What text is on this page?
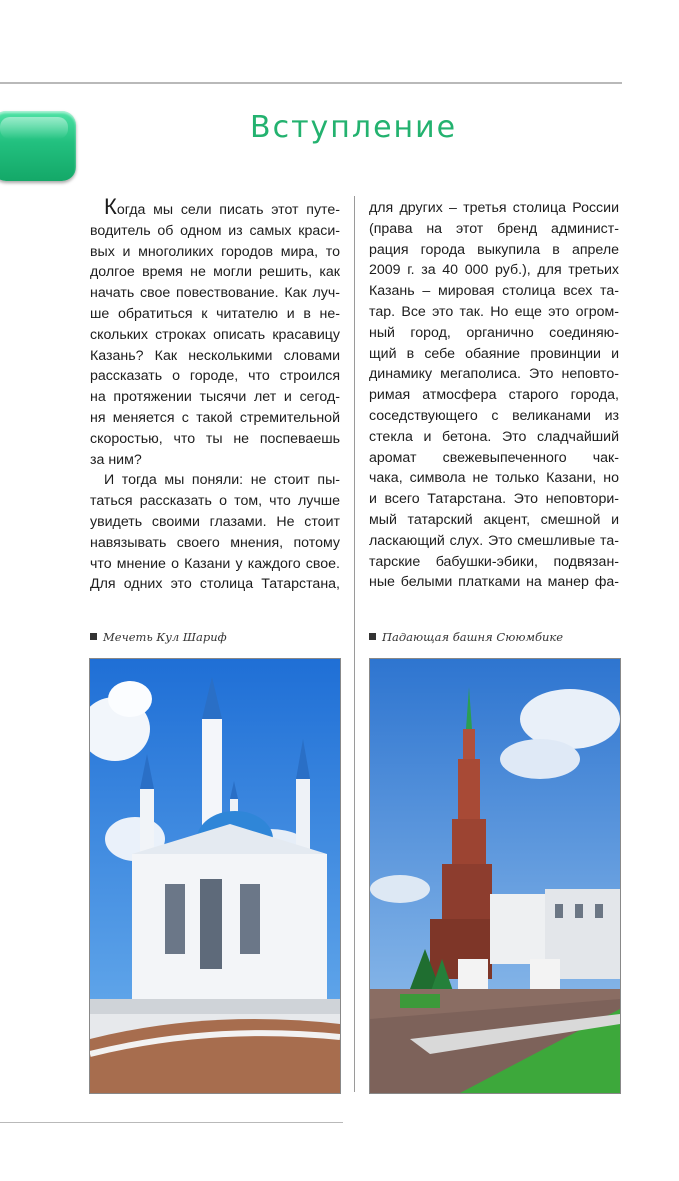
Вступление
Когда мы сели писать этот путе-
водитель об одном из самых краси-
вых и многоликих городов мира, то
долгое время не могли решить, как
начать свое повествование. Как луч-
ше обратиться к читателю и в не-
скольких строках описать красавицу
Казань? Как несколькими словами
рассказать о городе, что строился
на протяжении тысячи лет и сегод-
ня меняется с такой стремительной
скоростью, что ты не поспеваешь
за ним?
И тогда мы поняли: не стоит пы-
таться рассказать о том, что лучше
увидеть своими глазами. Не стоит
навязывать своего мнения, потому
что мнение о Казани у каждого свое.
Для одних это столица Татарстана,
для других – третья столица России
(права на этот бренд админист-
рация города выкупила в апреле
2009 г. за 40 000 руб.), для третьих
Казань – мировая столица всех та-
тар. Все это так. Но еще это огром-
ный город, органично соединяю-
щий в себе обаяние провинции и
динамику мегаполиса. Это неповто-
римая атмосфера старого города,
соседствующего с великанами из
стекла и бетона. Это сладчайший
аромат свежевыпеченного чак-
чака, символа не только Казани, но
и всего Татарстана. Это неповтори-
мый татарский акцент, смешной и
ласкающий слух. Это смешливые та-
тарские бабушки-эбики, подвязан-
ные белыми платками на манер фа-
Мечеть Кул Шариф	Падающая башня Сююмбике
